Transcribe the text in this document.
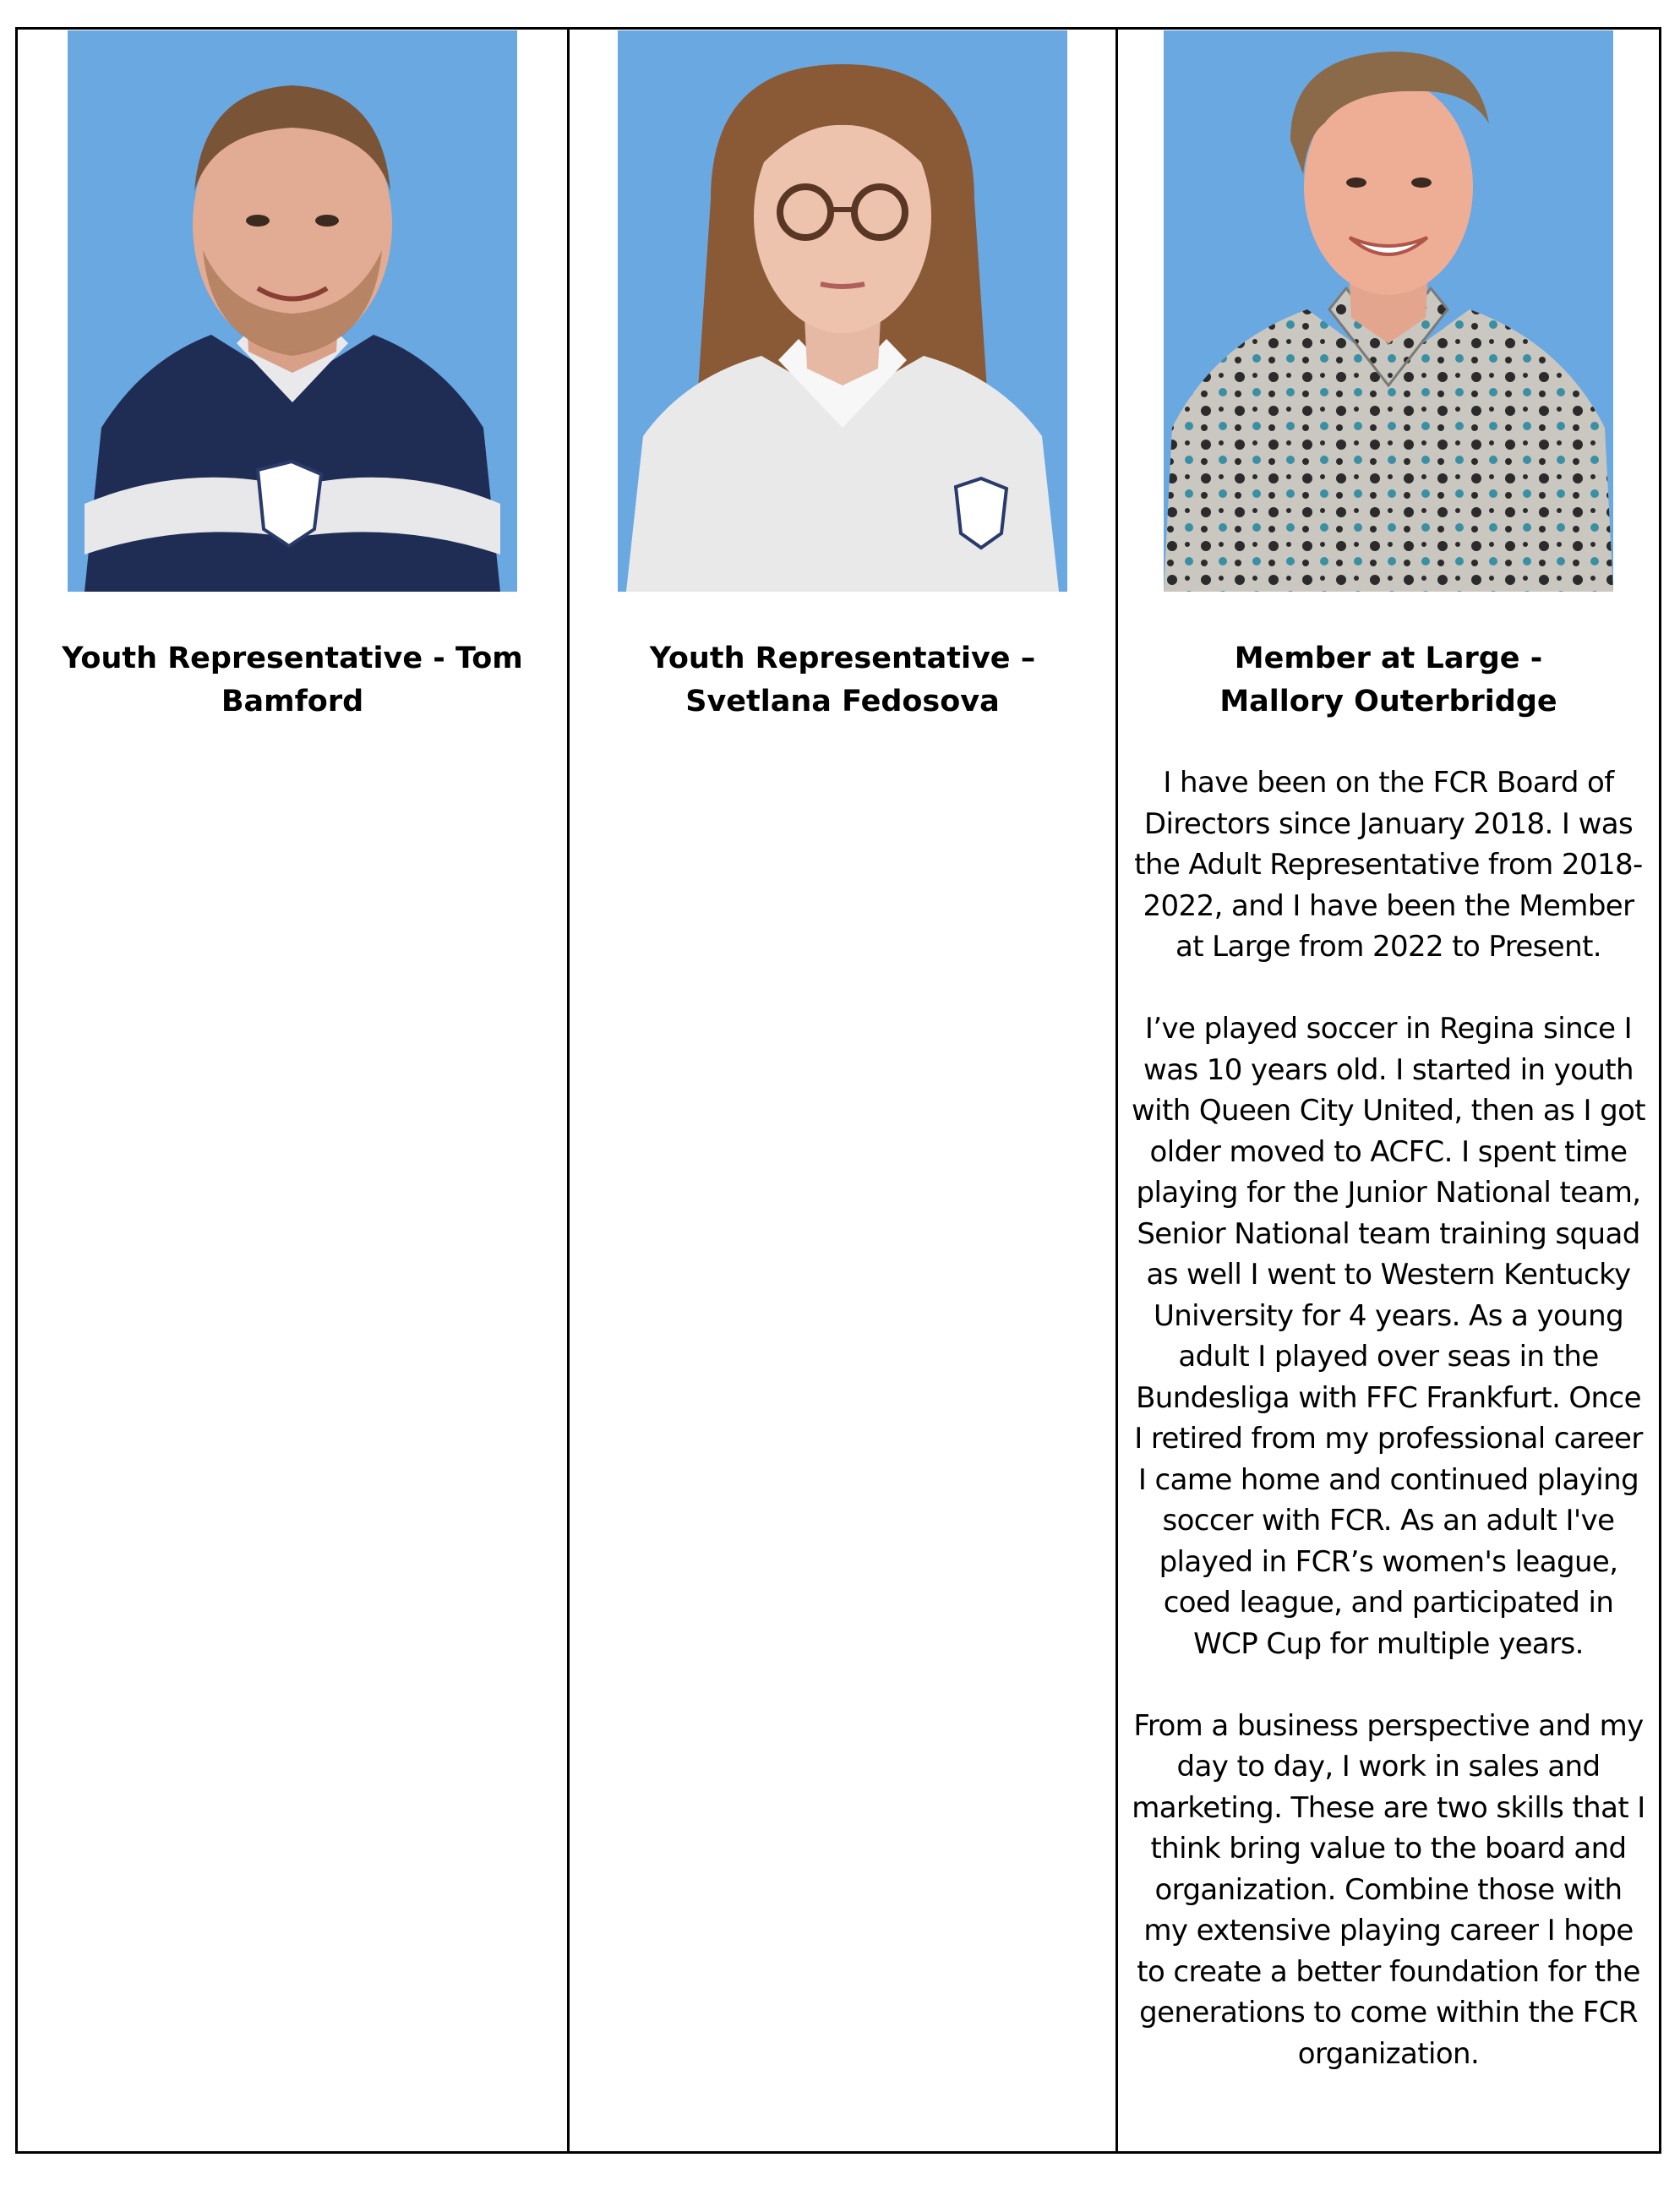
Youth Representative - Tom Bamford
Youth Representative – Svetlana Fedosova
Member at Large -
Mallory Outerbridge

I have been on the FCR Board of Directors since January 2018. I was the Adult Representative from 2018-2022, and I have been the Member at Large from 2022 to Present.

I’ve played soccer in Regina since I was 10 years old. I started in youth with Queen City United, then as I got older moved to ACFC. I spent time playing for the Junior National team, Senior National team training squad as well I went to Western Kentucky University for 4 years. As a young adult I played over seas in the Bundesliga with FFC Frankfurt. Once I retired from my professional career I came home and continued playing soccer with FCR. As an adult I've played in FCR’s women's league, coed league, and participated in WCP Cup for multiple years.

From a business perspective and my day to day, I work in sales and marketing. These are two skills that I think bring value to the board and organization. Combine those with my extensive playing career I hope to create a better foundation for the generations to come within the FCR organization.
